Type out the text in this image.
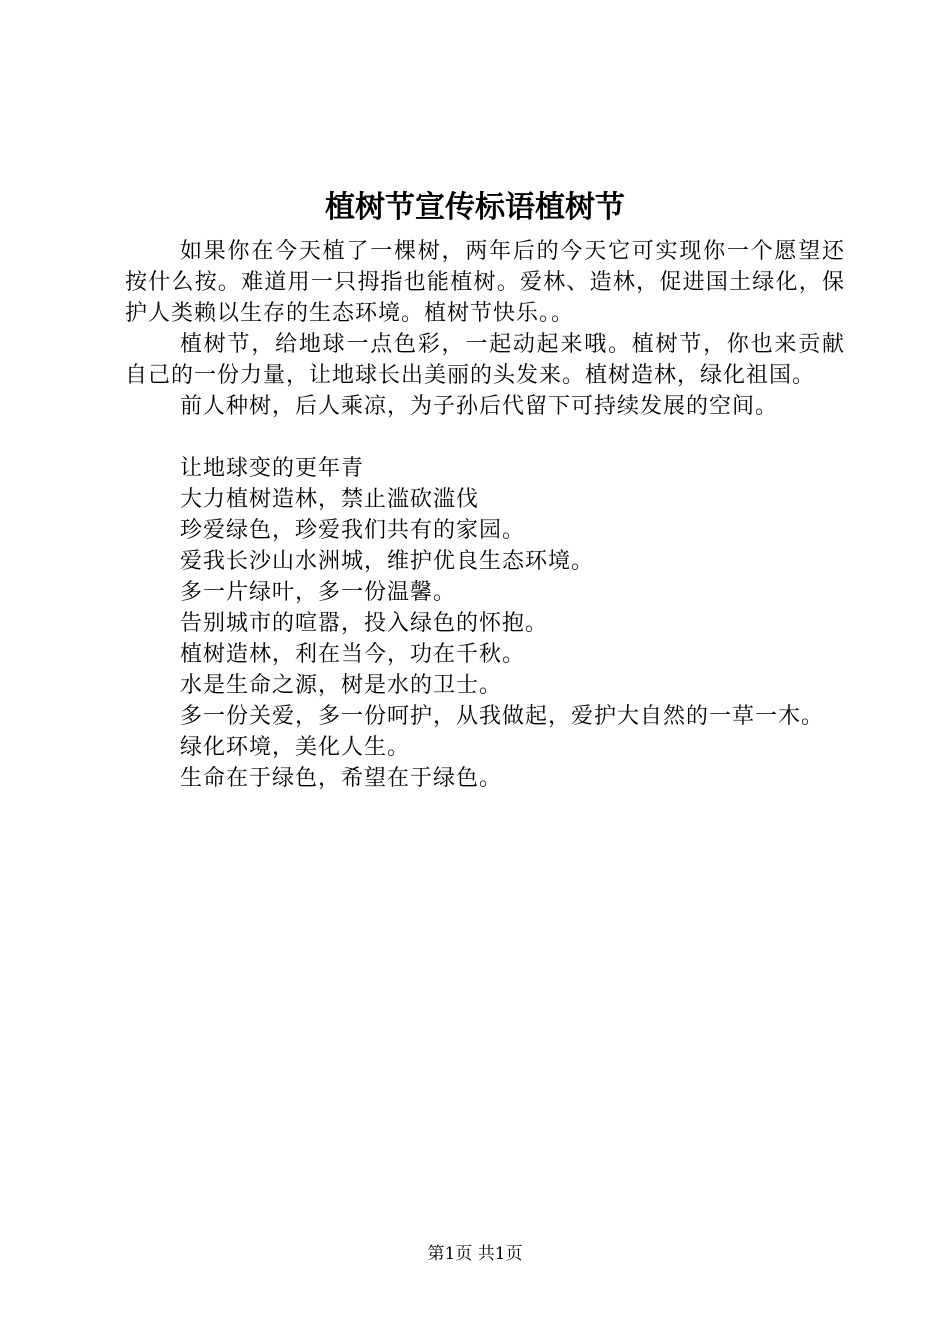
植树节宣传标语植树节

如果你在今天植了一棵树，两年后的今天它可实现你一个愿望还按什么按。难道用一只拇指也能植树。爱林、造林，促进国土绿化，保护人类赖以生存的生态环境。植树节快乐。。

植树节，给地球一点色彩，一起动起来哦。植树节，你也来贡献自己的一份力量，让地球长出美丽的头发来。植树造林，绿化祖国。

前人种树，后人乘凉，为子孙后代留下可持续发展的空间。

让地球变的更年青

大力植树造林，禁止滥砍滥伐

珍爱绿色，珍爱我们共有的家园。

爱我长沙山水洲城，维护优良生态环境。

多一片绿叶，多一份温馨。

告别城市的喧嚣，投入绿色的怀抱。

植树造林，利在当今，功在千秋。

水是生命之源，树是水的卫士。

多一份关爱，多一份呵护，从我做起，爱护大自然的一草一木。

绿化环境，美化人生。

生命在于绿色，希望在于绿色。

第1页 共1页
